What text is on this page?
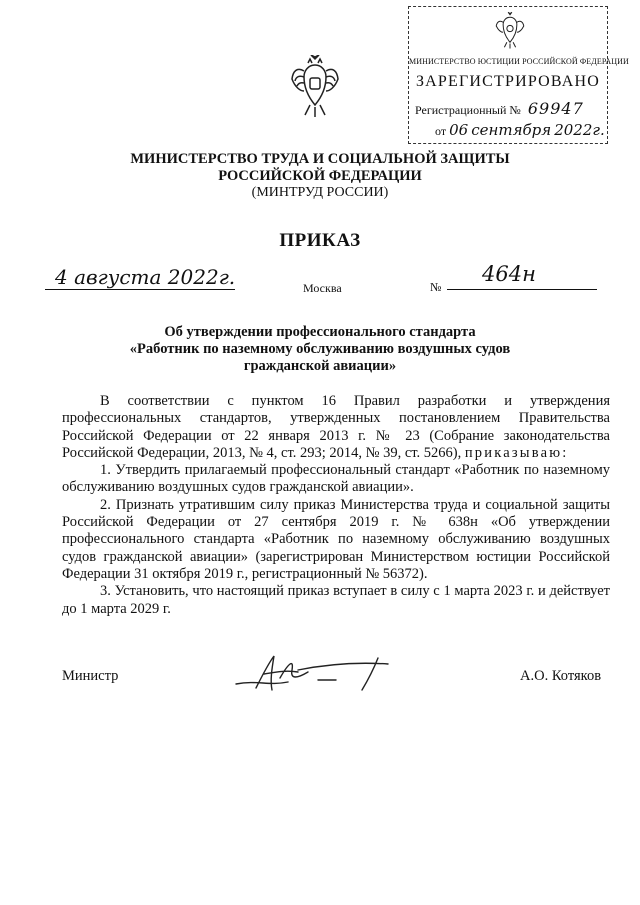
МИНИСТЕРСТВО ЮСТИЦИИ РОССИЙСКОЙ ФЕДЕРАЦИИ
ЗАРЕГИСТРИРОВАНО
Регистрационный № 69947
от 06 сентября 2022г.
МИНИСТЕРСТВО ТРУДА И СОЦИАЛЬНОЙ ЗАЩИТЫ
РОССИЙСКОЙ ФЕДЕРАЦИИ
(МИНТРУД РОССИИ)
ПРИКАЗ
4 августа 2022г.	Москва	№
464н
Об утверждении профессионального стандарта
«Работник по наземному обслуживанию воздушных судов
гражданской авиации»

В соответствии с пунктом 16 Правил разработки и утверждения профессиональных стандартов, утвержденных постановлением Правительства Российской Федерации от 22 января 2013 г. № 23 (Собрание законодательства Российской Федерации, 2013, № 4, ст. 293; 2014, № 39, ст. 5266), приказываю:

1. Утвердить прилагаемый профессиональный стандарт «Работник по наземному обслуживанию воздушных судов гражданской авиации».

2. Признать утратившим силу приказ Министерства труда и социальной защиты Российской Федерации от 27 сентября 2019 г. № 638н «Об утверждении профессионального стандарта «Работник по наземному обслуживанию воздушных судов гражданской авиации» (зарегистрирован Министерством юстиции Российской Федерации 31 октября 2019 г., регистрационный № 56372).

3. Установить, что настоящий приказ вступает в силу с 1 марта 2023 г. и действует до 1 марта 2029 г.

Министр	А.О. Котяков
